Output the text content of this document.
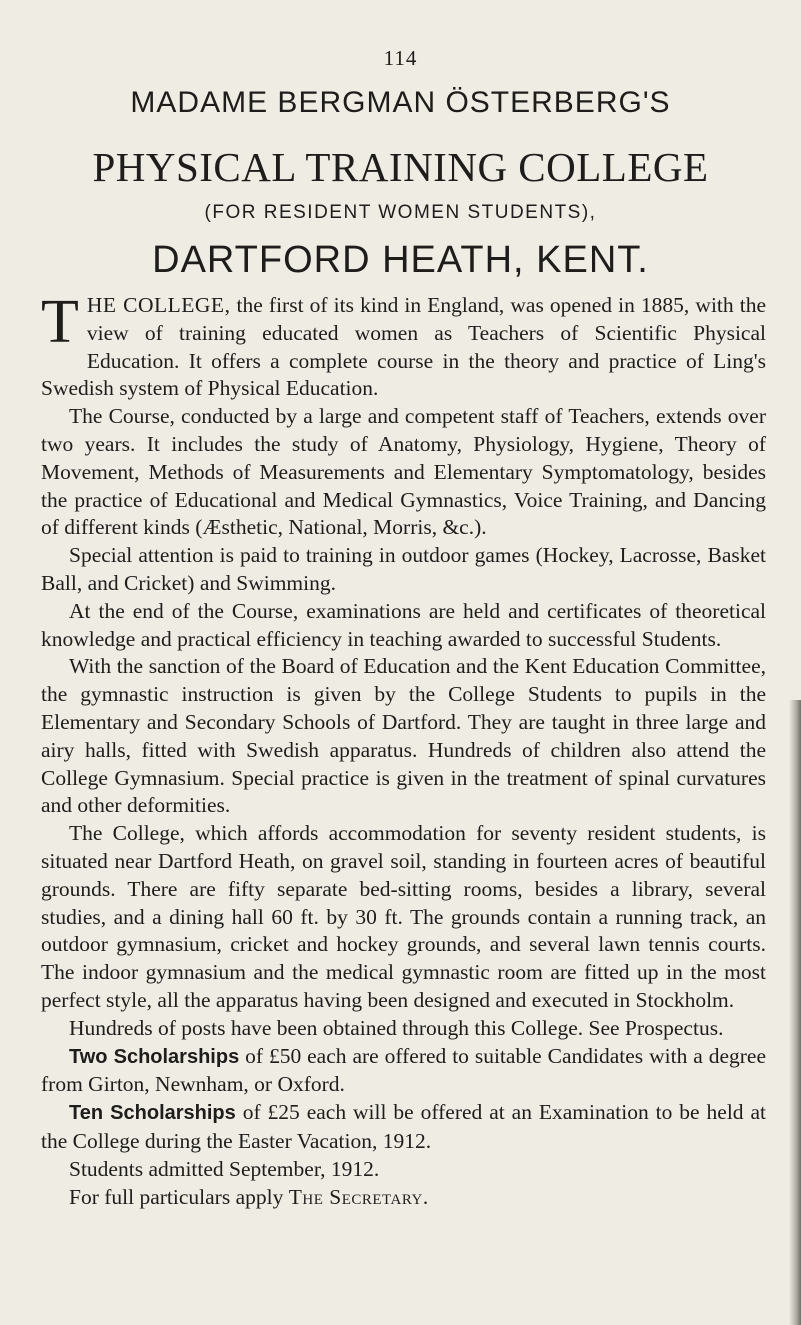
114
MADAME BERGMAN ÖSTERBERG'S
PHYSICAL TRAINING COLLEGE
(FOR RESIDENT WOMEN STUDENTS),
DARTFORD HEATH, KENT.

THE COLLEGE, the first of its kind in England, was opened in 1885, with the view of training educated women as Teachers of Scientific Physical Education. It offers a complete course in the theory and practice of Ling's Swedish system of Physical Education.

The Course, conducted by a large and competent staff of Teachers, extends over two years. It includes the study of Anatomy, Physiology, Hygiene, Theory of Movement, Methods of Measurements and Elementary Symptomatology, besides the practice of Educational and Medical Gymnastics, Voice Training, and Dancing of different kinds (Æsthetic, National, Morris, &c.).

Special attention is paid to training in outdoor games (Hockey, Lacrosse, Basket Ball, and Cricket) and Swimming.

At the end of the Course, examinations are held and certificates of theoretical knowledge and practical efficiency in teaching awarded to successful Students.

With the sanction of the Board of Education and the Kent Education Committee, the gymnastic instruction is given by the College Students to pupils in the Elementary and Secondary Schools of Dartford. They are taught in three large and airy halls, fitted with Swedish apparatus. Hundreds of children also attend the College Gymnasium. Special practice is given in the treatment of spinal curvatures and other deformities.

The College, which affords accommodation for seventy resident students, is situated near Dartford Heath, on gravel soil, standing in fourteen acres of beautiful grounds. There are fifty separate bed-sitting rooms, besides a library, several studies, and a dining hall 60 ft. by 30 ft. The grounds contain a running track, an outdoor gymnasium, cricket and hockey grounds, and several lawn tennis courts. The indoor gymnasium and the medical gymnastic room are fitted up in the most perfect style, all the apparatus having been designed and executed in Stockholm.

Hundreds of posts have been obtained through this College. See Prospectus.

Two Scholarships of £50 each are offered to suitable Candidates with a degree from Girton, Newnham, or Oxford.

Ten Scholarships of £25 each will be offered at an Examination to be held at the College during the Easter Vacation, 1912.

Students admitted September, 1912.

For full particulars apply The Secretary.
